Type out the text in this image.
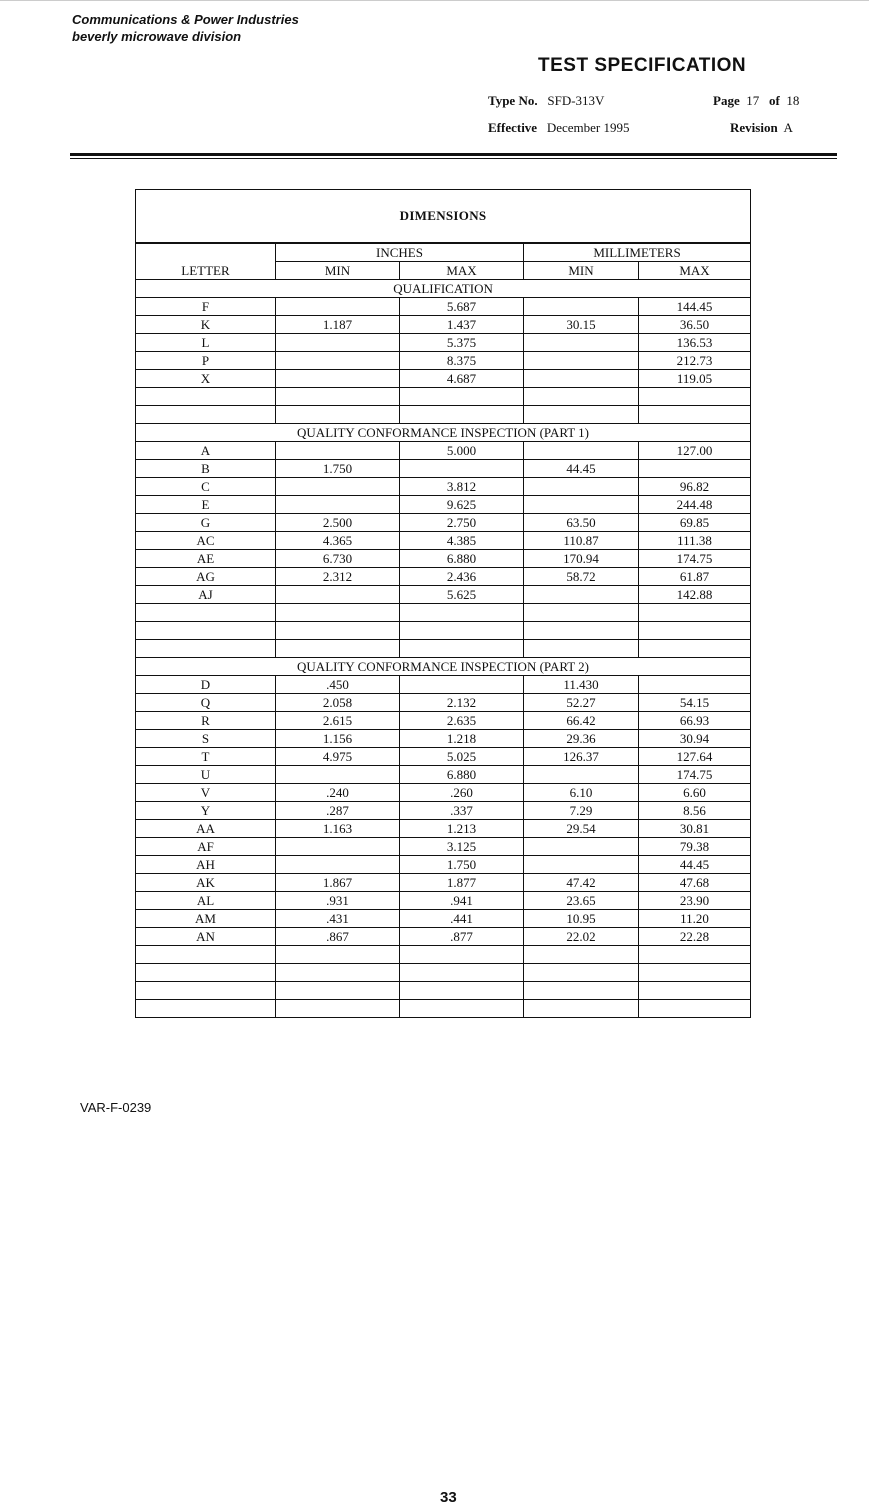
Communications & Power Industries
beverly microwave division
TEST SPECIFICATION
Type No. SFD-313V	Page 17 of 18
Effective December 1995	Revision A
DIMENSIONS				
	INCHES		MILLIMETERS	
LETTER	MIN	MAX	MIN	MAX
QUALIFICATION				
F		5.687		144.45
K	1.187	1.437	30.15	36.50
L		5.375		136.53
P		8.375		212.73
X		4.687		119.05

QUALITY CONFORMANCE INSPECTION (PART 1)				
A		5.000		127.00
B	1.750		44.45	
C		3.812		96.82
E		9.625		244.48
G	2.500	2.750	63.50	69.85
AC	4.365	4.385	110.87	111.38
AE	6.730	6.880	170.94	174.75
AG	2.312	2.436	58.72	61.87
AJ		5.625		142.88

QUALITY CONFORMANCE INSPECTION (PART 2)				
D	.450		11.430	
Q	2.058	2.132	52.27	54.15
R	2.615	2.635	66.42	66.93
S	1.156	1.218	29.36	30.94
T	4.975	5.025	126.37	127.64
U		6.880		174.75
V	.240	.260	6.10	6.60
Y	.287	.337	7.29	8.56
AA	1.163	1.213	29.54	30.81
AF		3.125		79.38
AH		1.750		44.45
AK	1.867	1.877	47.42	47.68
AL	.931	.941	23.65	23.90
AM	.431	.441	10.95	11.20
AN	.867	.877	22.02	22.28

VAR-F-0239
33
